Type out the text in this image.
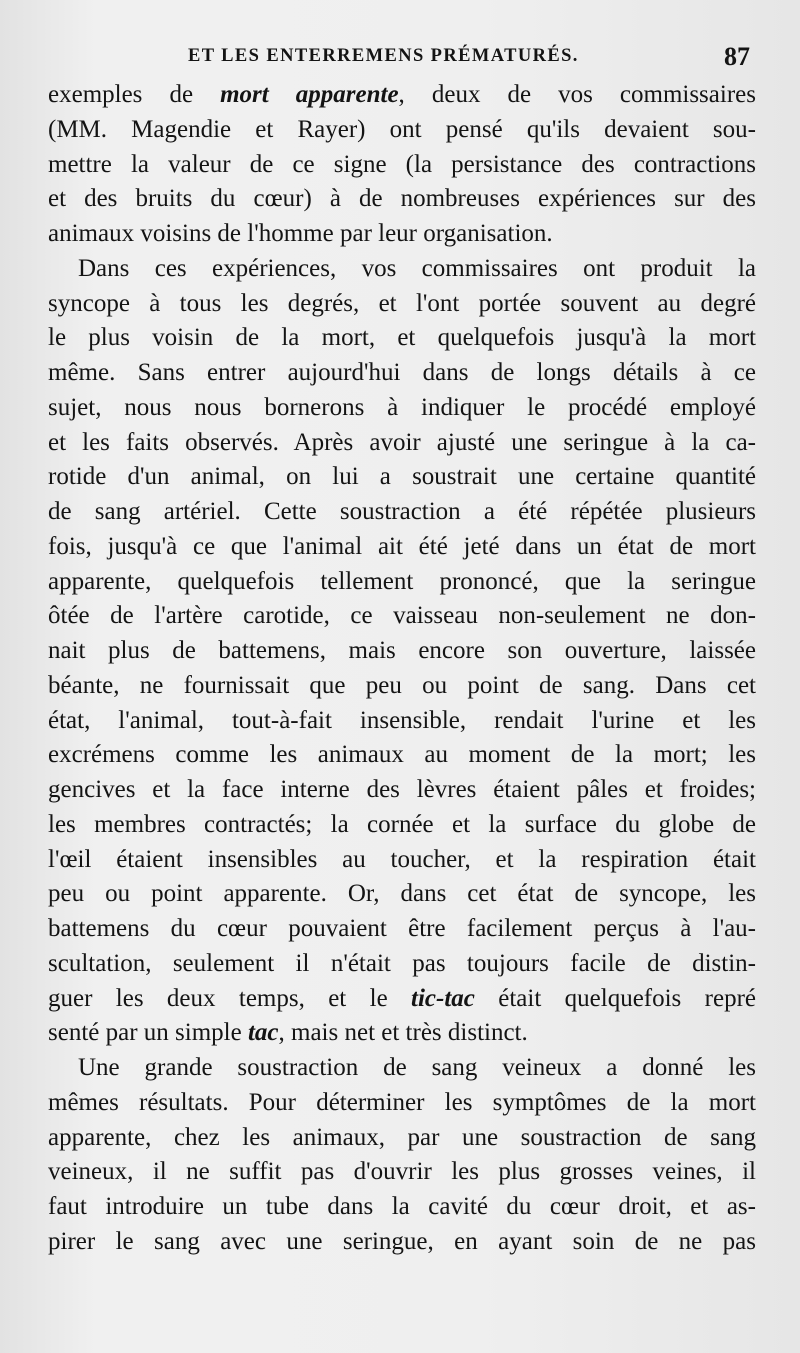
ET LES ENTERREMENS PRÉMATURÉS.	87
exemples de mort apparente, deux de vos commissaires
(MM. Magendie et Rayer) ont pensé qu'ils devaient sou-
mettre la valeur de ce signe (la persistance des contractions
et des bruits du cœur) à de nombreuses expériences sur des
animaux voisins de l'homme par leur organisation.
Dans ces expériences, vos commissaires ont produit la
syncope à tous les degrés, et l'ont portée souvent au degré
le plus voisin de la mort, et quelquefois jusqu'à la mort
même. Sans entrer aujourd'hui dans de longs détails à ce
sujet, nous nous bornerons à indiquer le procédé employé
et les faits observés. Après avoir ajusté une seringue à la ca-
rotide d'un animal, on lui a soustrait une certaine quantité
de sang artériel. Cette soustraction a été répétée plusieurs
fois, jusqu'à ce que l'animal ait été jeté dans un état de mort
apparente, quelquefois tellement prononcé, que la seringue
ôtée de l'artère carotide, ce vaisseau non-seulement ne don-
nait plus de battemens, mais encore son ouverture, laissée
béante, ne fournissait que peu ou point de sang. Dans cet
état, l'animal, tout-à-fait insensible, rendait l'urine et les
excrémens comme les animaux au moment de la mort; les
gencives et la face interne des lèvres étaient pâles et froides;
les membres contractés; la cornée et la surface du globe de
l'œil étaient insensibles au toucher, et la respiration était
peu ou point apparente. Or, dans cet état de syncope, les
battemens du cœur pouvaient être facilement perçus à l'au-
scultation, seulement il n'était pas toujours facile de distin-
guer les deux temps, et le tic-tac était quelquefois repré
senté par un simple tac, mais net et très distinct.
Une grande soustraction de sang veineux a donné les
mêmes résultats. Pour déterminer les symptômes de la mort
apparente, chez les animaux, par une soustraction de sang
veineux, il ne suffit pas d'ouvrir les plus grosses veines, il
faut introduire un tube dans la cavité du cœur droit, et as-
pirer le sang avec une seringue, en ayant soin de ne pas
